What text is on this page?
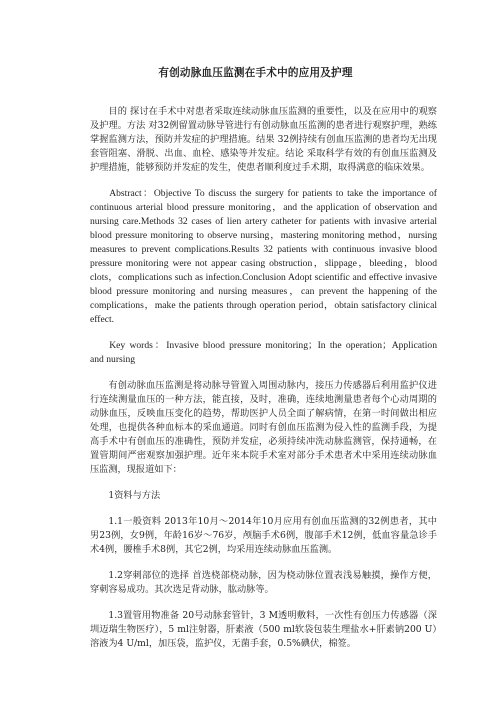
有创动脉血压监测在手术中的应用及护理

目的 探讨在手术中对患者采取连续动脉血压监测的重要性，以及在应用中的观察及护理。方法 对32例留置动脉导管进行有创动脉血压监测的患者进行观察护理，熟练掌握监测方法，预防并发症的护理措施。结果 32例持续有创血压监测的患者均无出现套管阻塞、滑脱、出血、血栓、感染等并发症。结论 采取科学有效的有创血压监测及护理措施，能够预防并发症的发生，使患者顺利度过手术期，取得满意的临床效果。

Abstract：Objective To discuss the surgery for patients to take the importance of continuous arterial blood pressure monitoring，and the application of observation and nursing care.Methods 32 cases of lien artery catheter for patients with invasive arterial blood pressure monitoring to observe nursing，mastering monitoring method，nursing measures to prevent complications.Results 32 patients with continuous invasive blood pressure monitoring were not appear casing obstruction，slippage，bleeding，blood clots，complications such as infection.Conclusion Adopt scientific and effective invasive blood pressure monitoring and nursing measures，can prevent the happening of the complications，make the patients through operation period，obtain satisfactory clinical effect.

Key words：Invasive blood pressure monitoring；In the operation；Application and nursing

有创动脉血压监测是将动脉导管置入周围动脉内，接压力传感器后利用监护仪进行连续测量血压的一种方法，能直接，及时，准确，连续地测量患者每个心动周期的动脉血压，反映血压变化的趋势，帮助医护人员全面了解病情，在第一时间做出相应处理，也提供各种血标本的采血通道。同时有创血压监测为侵入性的监测手段，为提高手术中有创血压的准确性，预防并发症，必须持续冲洗动脉监测管，保持通畅，在置管期间严密观察加强护理。近年来本院手术室对部分手术患者术中采用连续动脉血压监测，现报道如下：

1资料与方法

1.1一般资料 2013年10月～2014年10月应用有创血压监测的32例患者，其中男23例，女9例，年龄16岁～76岁，颅脑手术6例，腹部手术12例，低血容量急诊手术4例，腰椎手术8例，其它2例，均采用连续动脉血压监测。

1.2穿刺部位的选择 首选桡部桡动脉，因为桡动脉位置表浅易触摸，操作方便，穿刺容易成功。其次选足背动脉，肱动脉等。

1.3置管用物准备 20号动脉套管针，3 M透明敷料，一次性有创压力传感器（深圳迈瑞生物医疗），5 ml注射器，肝素液（500 ml软袋包装生理盐水+肝素钠200 U）溶液为4 U/ml，加压袋，监护仪，无菌手套，0.5%碘伏，棉签。
